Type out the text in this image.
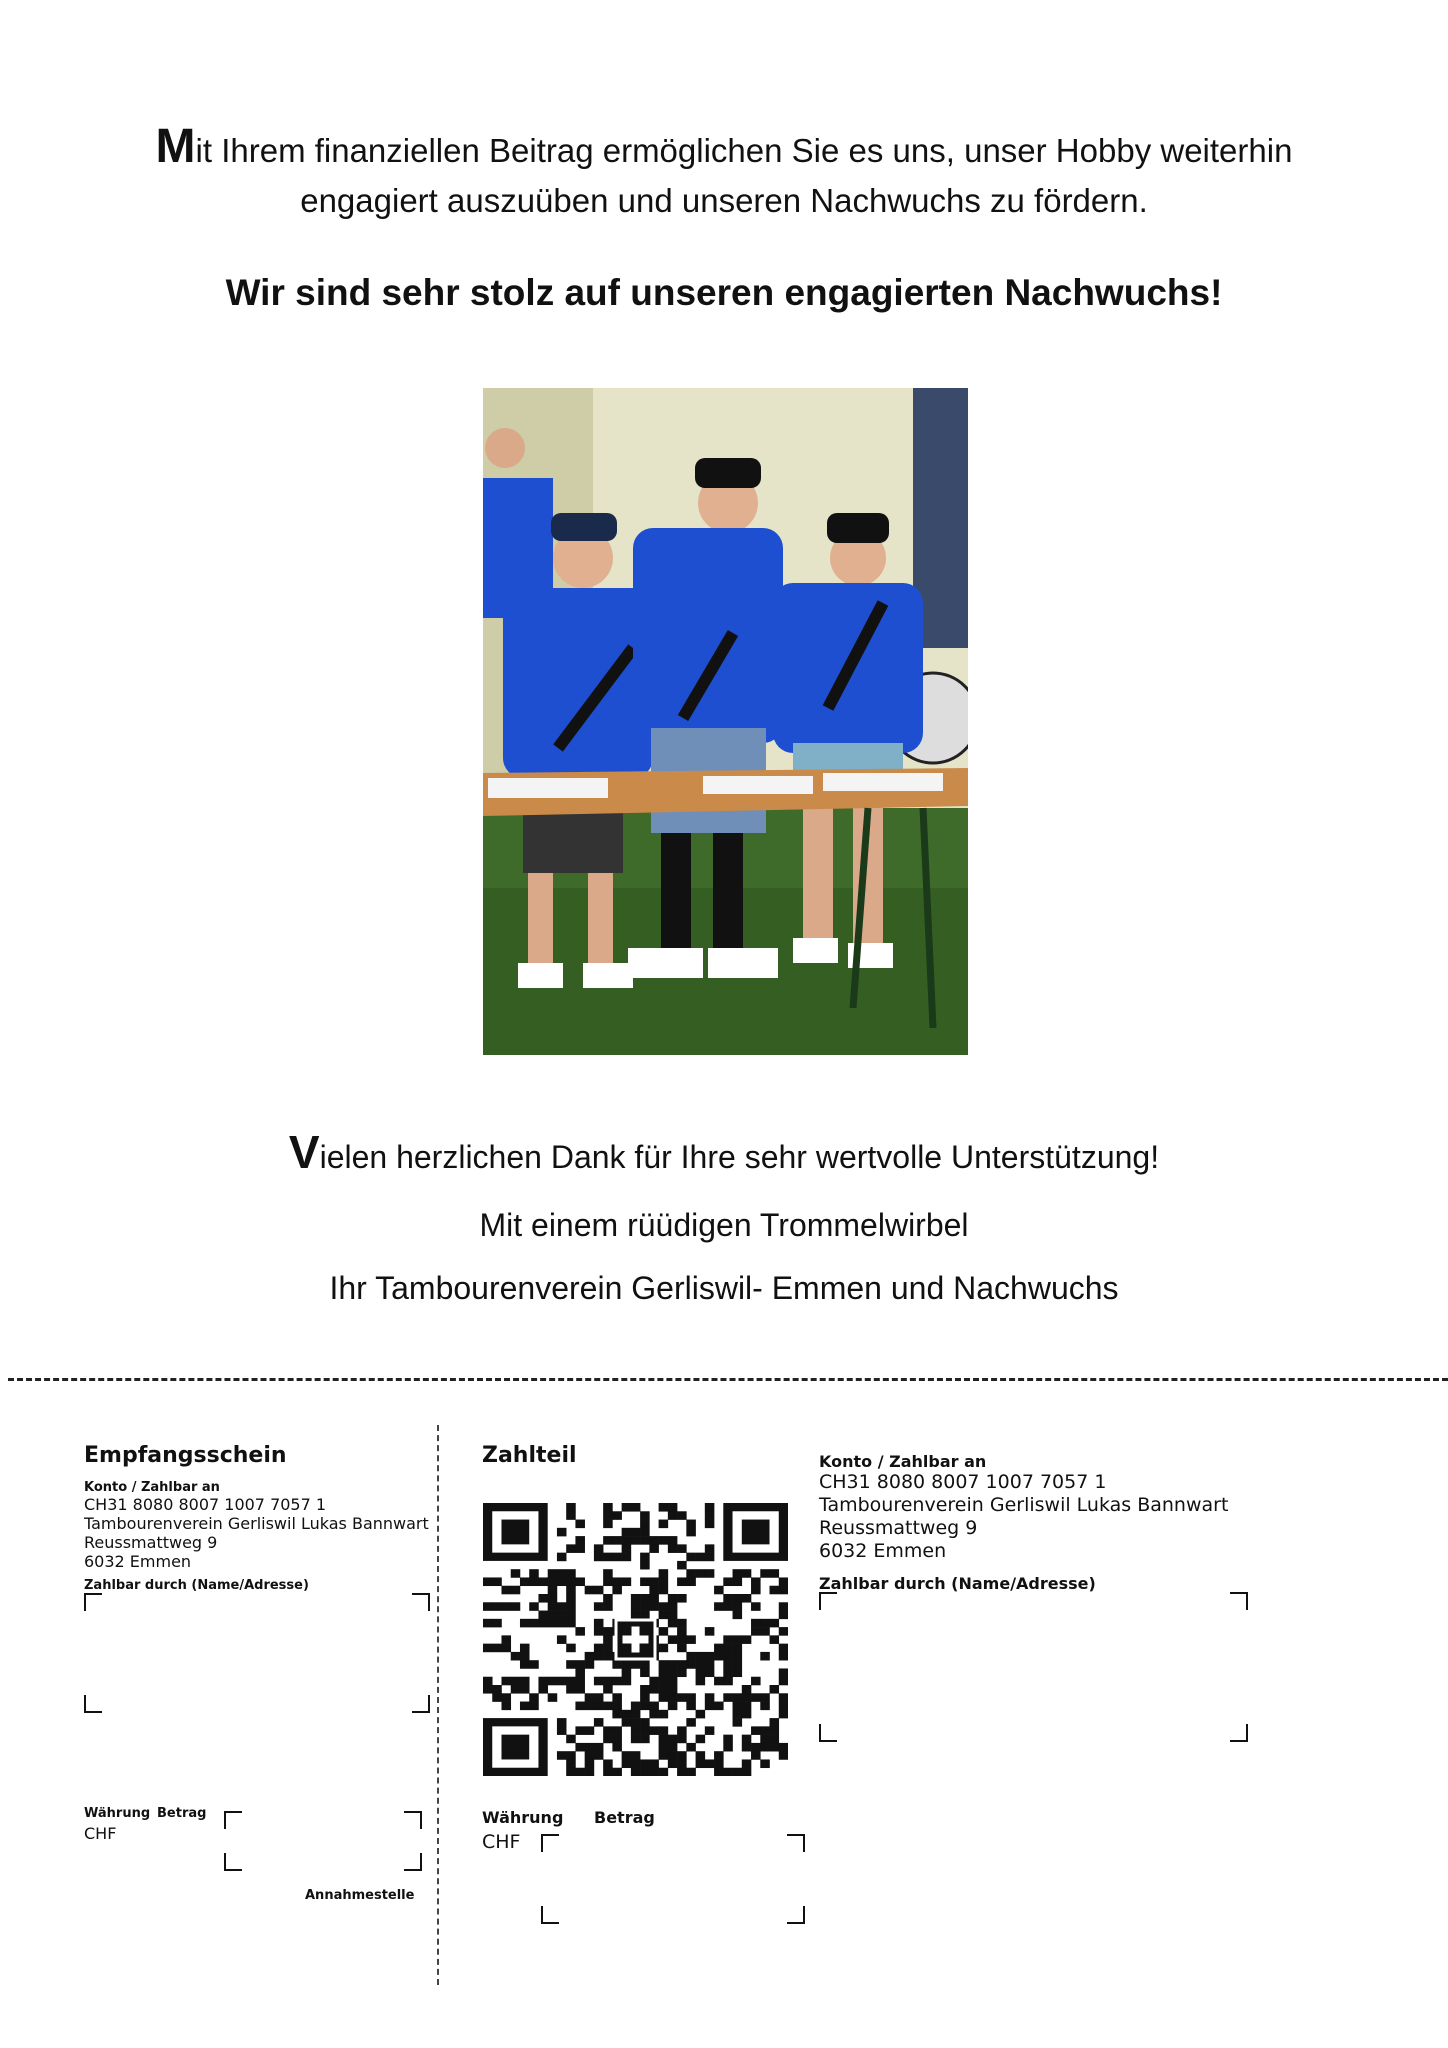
Mit Ihrem finanziellen Beitrag ermöglichen Sie es uns, unser Hobby weiterhin
engagiert auszuüben und unseren Nachwuchs zu fördern.
Wir sind sehr stolz auf unseren engagierten Nachwuchs!
Vielen herzlichen Dank für Ihre sehr wertvolle Unterstützung!
Mit einem rüüdigen Trommelwirbel
Ihr Tambourenverein Gerliswil- Emmen und Nachwuchs
Empfangsschein
Konto / Zahlbar an
CH31 8080 8007 1007 7057 1
Tambourenverein Gerliswil Lukas Bannwart
Reussmattweg 9
6032 Emmen
Zahlbar durch (Name/Adresse)
Währung Betrag
CHF
Annahmestelle
Zahlteil
Währung Betrag
CHF
Konto / Zahlbar an
CH31 8080 8007 1007 7057 1
Tambourenverein Gerliswil Lukas Bannwart
Reussmattweg 9
6032 Emmen
Zahlbar durch (Name/Adresse)
